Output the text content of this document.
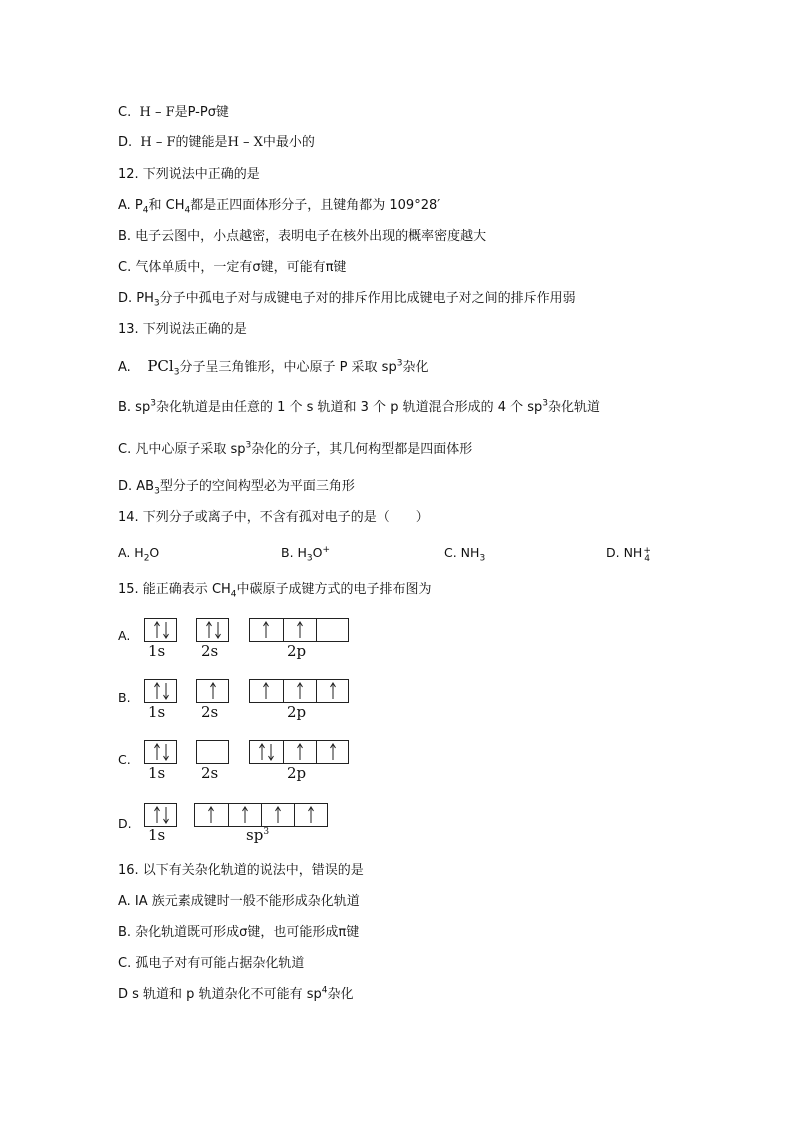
C. H – F是P-Pσ键
D. H – F的键能是H – X中最小的
12. 下列说法中正确的是
A. $P_4$和 $CH_4$都是正四面体形分子，且键角都为 109°28′
B. 电子云图中，小点越密，表明电子在核外出现的概率密度越大
C. 气体单质中，一定有σ键，可能有π键
D. $PH_3$分子中孤电子对与成键电子对的排斥作用比成键电子对之间的排斥作用弱
13. 下列说法正确的是
A. PCl$_3$分子呈三角锥形，中心原子 P 采取 $sp^3$杂化
B. $sp^3$杂化轨道是由任意的 1 个 s 轨道和 3 个 p 轨道混合形成的 4 个 $sp^3$杂化轨道
C. 凡中心原子采取 $sp^3$杂化的分子，其几何构型都是四面体形
D. $AB_3$型分子的空间构型必为平面三角形
14. 下列分子或离子中，不含有孤对电子的是（　　）
A. $H_2O$	B. $H_3O^+$	C. $NH_3$	D. NH+
4
15. 能正确表示 $CH_4$中碳原子成键方式的电子排布图为
A.
1s 2s	2p
B.
1s 2s	2p
C.
1s 2s	2p
D.
1s	$sp^3$
16. 以下有关杂化轨道的说法中，错误的是
A. ⅠA 族元素成键时一般不能形成杂化轨道
B. 杂化轨道既可形成σ键，也可能形成π键
C. 孤电子对有可能占据杂化轨道
D s 轨道和 p 轨道杂化不可能有 $sp^4$杂化
